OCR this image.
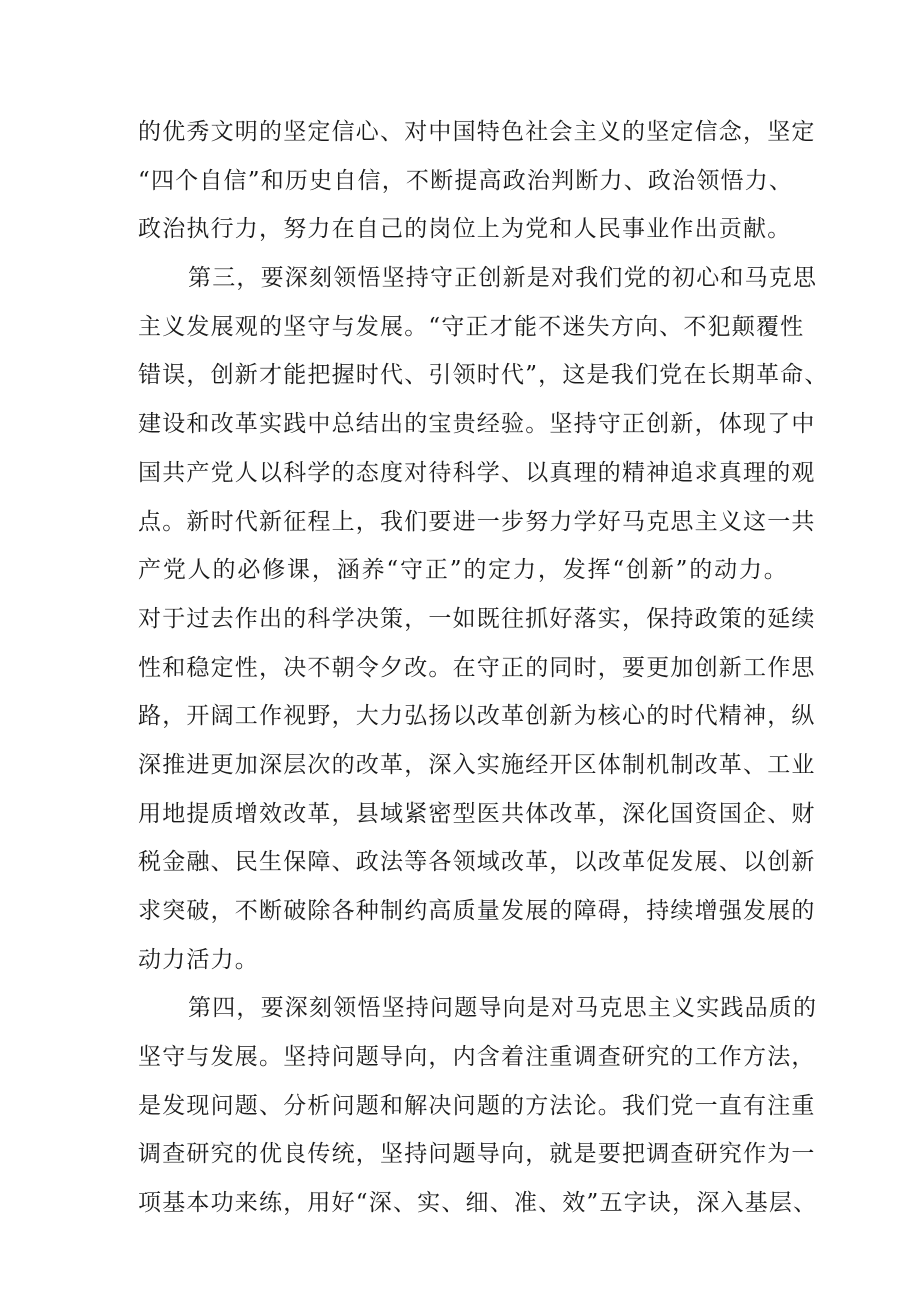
的优秀文明的坚定信心、对中国特色社会主义的坚定信念，坚定
“四个自信”和历史自信，不断提高政治判断力、政治领悟力、
政治执行力，努力在自己的岗位上为党和人民事业作出贡献。
第三，要深刻领悟坚持守正创新是对我们党的初心和马克思
主义发展观的坚守与发展。“守正才能不迷失方向、不犯颠覆性
错误，创新才能把握时代、引领时代”，这是我们党在长期革命、
建设和改革实践中总结出的宝贵经验。坚持守正创新，体现了中
国共产党人以科学的态度对待科学、以真理的精神追求真理的观
点。新时代新征程上，我们要进一步努力学好马克思主义这一共
产党人的必修课，涵养“守正”的定力，发挥“创新”的动力。
对于过去作出的科学决策，一如既往抓好落实，保持政策的延续
性和稳定性，决不朝令夕改。在守正的同时，要更加创新工作思
路，开阔工作视野，大力弘扬以改革创新为核心的时代精神，纵
深推进更加深层次的改革，深入实施经开区体制机制改革、工业
用地提质增效改革，县域紧密型医共体改革，深化国资国企、财
税金融、民生保障、政法等各领域改革，以改革促发展、以创新
求突破，不断破除各种制约高质量发展的障碍，持续增强发展的
动力活力。
第四，要深刻领悟坚持问题导向是对马克思主义实践品质的
坚守与发展。坚持问题导向，内含着注重调查研究的工作方法，
是发现问题、分析问题和解决问题的方法论。我们党一直有注重
调查研究的优良传统，坚持问题导向，就是要把调查研究作为一
项基本功来练，用好“深、实、细、准、效”五字诀，深入基层、
